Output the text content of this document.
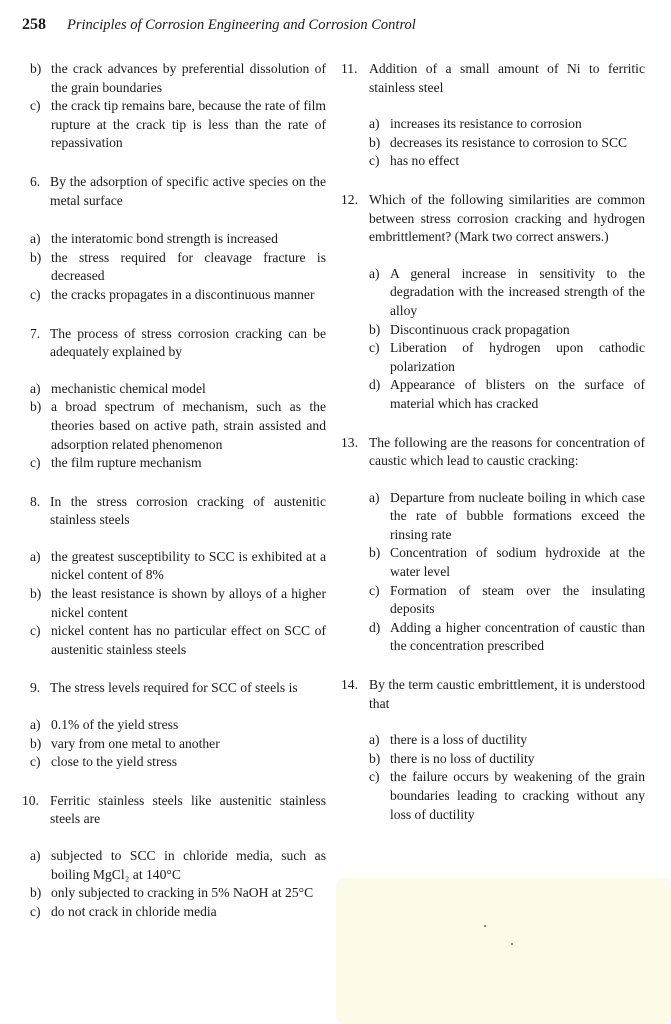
258 Principles of Corrosion Engineering and Corrosion Control
b) the crack advances by preferential dissolution of the grain boundaries
c) the crack tip remains bare, because the rate of film rupture at the crack tip is less than the rate of repassivation
6. By the adsorption of specific active species on the metal surface
a) the interatomic bond strength is increased
b) the stress required for cleavage fracture is decreased
c) the cracks propagates in a discontinuous manner
7. The process of stress corrosion cracking can be adequately explained by
a) mechanistic chemical model
b) a broad spectrum of mechanism, such as the theories based on active path, strain assisted and adsorption related phenomenon
c) the film rupture mechanism
8. In the stress corrosion cracking of austenitic stainless steels
a) the greatest susceptibility to SCC is exhibited at a nickel content of 8%
b) the least resistance is shown by alloys of a higher nickel content
c) nickel content has no particular effect on SCC of austenitic stainless steels
9. The stress levels required for SCC of steels is
a) 0.1% of the yield stress
b) vary from one metal to another
c) close to the yield stress
10. Ferritic stainless steels like austenitic stainless steels are
a) subjected to SCC in chloride media, such as boiling MgCl₂ at 140°C
b) only subjected to cracking in 5% NaOH at 25°C
c) do not crack in chloride media
11. Addition of a small amount of Ni to ferritic stainless steel
a) increases its resistance to corrosion
b) decreases its resistance to corrosion to SCC
c) has no effect
12. Which of the following similarities are common between stress corrosion cracking and hydrogen embrittlement? (Mark two correct answers.)
a) A general increase in sensitivity to the degradation with the increased strength of the alloy
b) Discontinuous crack propagation
c) Liberation of hydrogen upon cathodic polarization
d) Appearance of blisters on the surface of material which has cracked
13. The following are the reasons for concentration of caustic which lead to caustic cracking:
a) Departure from nucleate boiling in which case the rate of bubble formations exceed the rinsing rate
b) Concentration of sodium hydroxide at the water level
c) Formation of steam over the insulating deposits
d) Adding a higher concentration of caustic than the concentration prescribed
14. By the term caustic embrittlement, it is understood that
a) there is a loss of ductility
b) there is no loss of ductility
c) the failure occurs by weakening of the grain boundaries leading to cracking without any loss of ductility
